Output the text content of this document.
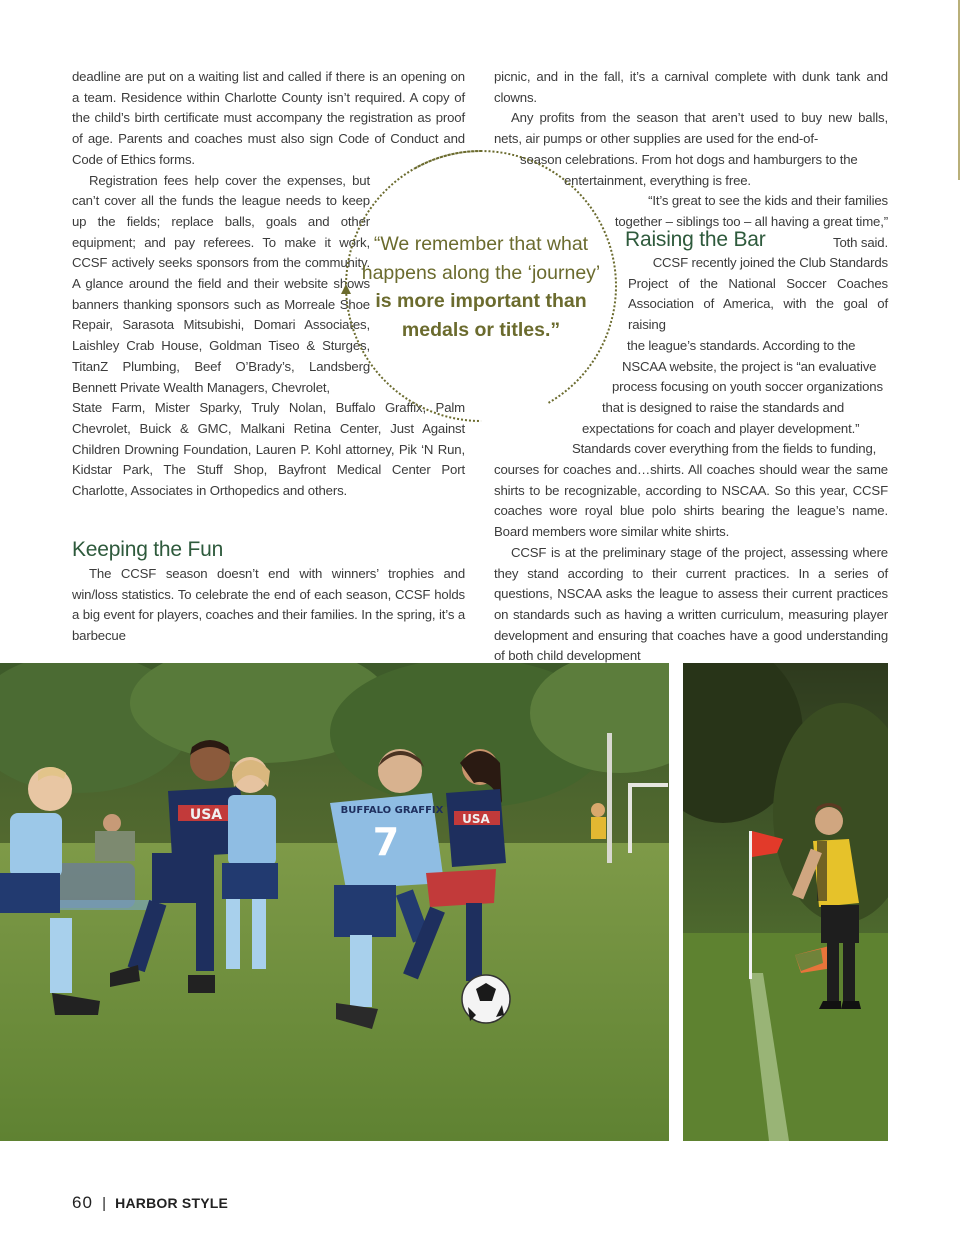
deadline are put on a waiting list and called if there is an opening on a team. Residence within Charlotte County isn’t required. A copy of the child’s birth certificate must accompany the registration as proof of age. Parents and coaches must also sign Code of Conduct and Code of Ethics forms.

Registration fees help cover the expenses, but can’t cover all the funds the league needs to keep up the fields; replace balls, goals and other equipment; and pay referees. To make it work, CCSF actively seeks sponsors from the community. A glance around the field and their website shows banners thanking sponsors such as Morreale Shoe Repair, Sarasota Mitsubishi, Domari Associates, Laishley Crab House, Goldman Tiseo & Sturges, TitanZ Plumbing, Beef O’Brady’s, Landsberg Bennett Private Wealth Managers, Chevrolet,

State Farm, Mister Sparky, Truly Nolan, Buffalo Graffix, Palm Chevrolet, Buick & GMC, Malkani Retina Center, Just Against Children Drowning Foundation, Lauren P. Kohl attorney, Pik ‘N Run, Kidstar Park, The Stuff Shop, Bayfront Medical Center Port Charlotte, Associates in Orthopedics and others.

Keeping the Fun

The CCSF season doesn’t end with winners’ trophies and win/loss statistics. To celebrate the end of each season, CCSF holds a big event for players, coaches and their families. In the spring, it’s a barbecue

picnic, and in the fall, it’s a carnival complete with dunk tank and clowns.

Any profits from the season that aren’t used to buy new balls, nets, air pumps or other supplies are used for the end-of-

season celebrations. From hot dogs and hamburgers to the

entertainment, everything is free.

“It’s great to see the kids and their families together – siblings too – all having a great time,” Toth said.

Raising the Bar

CCSF recently joined the Club Standards

Project of the National Soccer Coaches Association of America, with the goal of raising

the league’s standards. According to the

NSCAA website, the project is “an evaluative

process focusing on youth soccer organizations

that is designed to raise the standards and

expectations for coach and player development.”

Standards cover everything from the fields to funding,

courses for coaches and…shirts. All coaches should wear the same shirts to be recognizable, according to NSCAA. So this year, CCSF coaches wore royal blue polo shirts bearing the league’s name. Board members wore similar white shirts.

CCSF is at the preliminary stage of the project, assessing where they stand according to their current practices. In a series of questions, NSCAA asks the league to assess their current practices on standards such as having a written curriculum, measuring player development and ensuring that coaches have a good understanding of both child development

“We remember that what
happens along the ‘journey’
is more important than
medals or titles.”
USA	BUFFALO GRAFFIX
7
USA
60 | HARBOR STYLE
